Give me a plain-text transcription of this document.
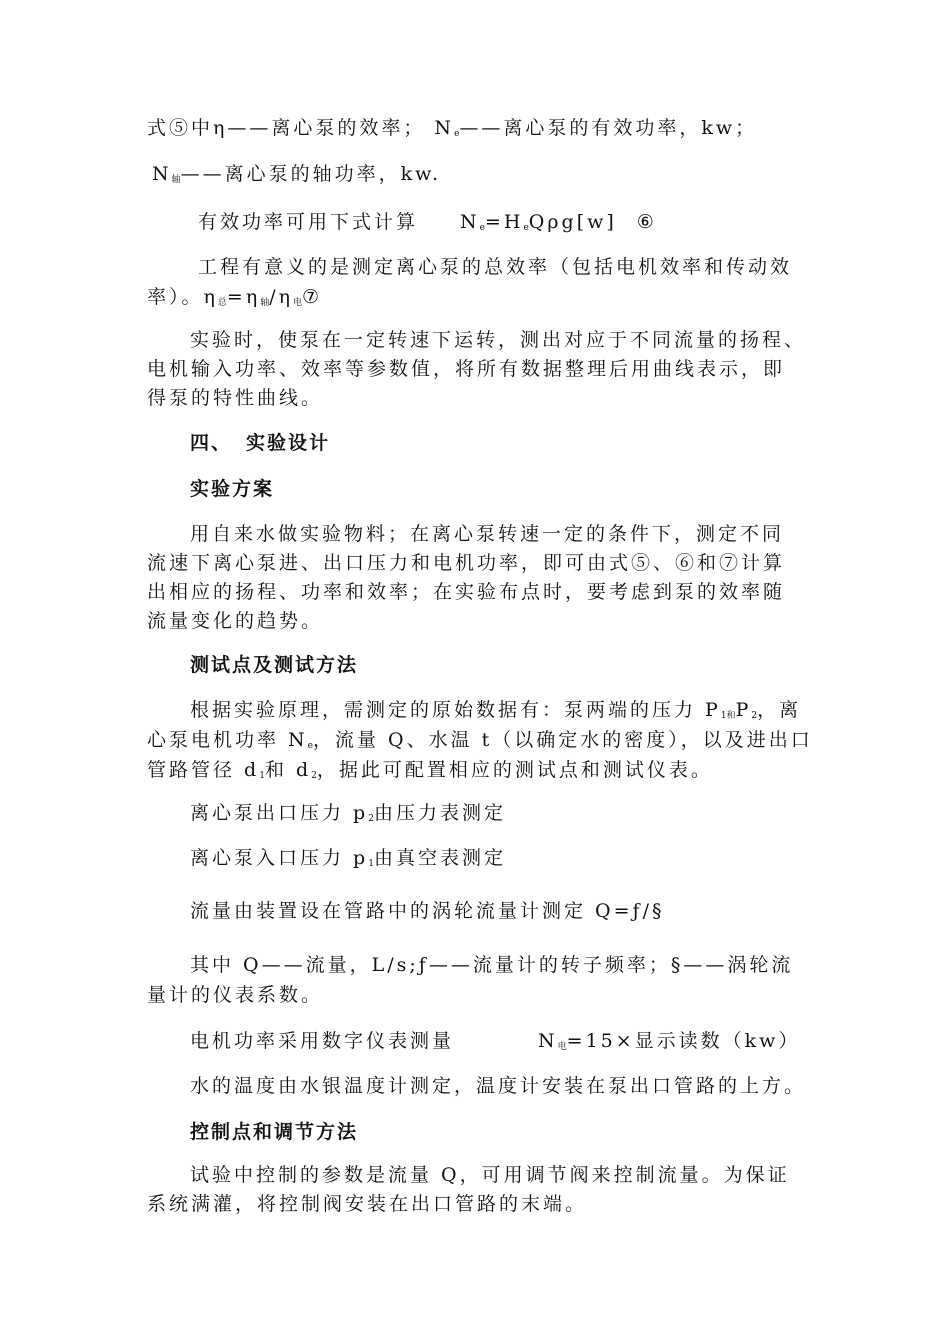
式⑤中η——离心泵的效率； $N_e——$离心泵的有效功率，kw；
$N_轴——$离心泵的轴功率，kw.
有效功率可用下式计算 $N_e=H_eQ\rho g[w]$ ⑥
工程有意义的是测定离心泵的总效率（包括电机效率和传动效
率）。$\eta_总=\eta_轴/\eta_电⑦$
实验时，使泵在一定转速下运转，测出对应于不同流量的扬程、
电机输入功率、效率等参数值，将所有数据整理后用曲线表示，即
得泵的特性曲线。
四、 实验设计
实验方案
用自来水做实验物料；在离心泵转速一定的条件下，测定不同
流速下离心泵进、出口压力和电机功率，即可由式⑤、⑥和⑦计算
出相应的扬程、功率和效率；在实验布点时，要考虑到泵的效率随
流量变化的趋势。
测试点及测试方法
根据实验原理，需测定的原始数据有：泵两端的压力 $P_{1和}P_2$，离
心泵电机功率 $N_e$，流量 Q、水温 t（以确定水的密度），以及进出口
管路管径 $d_1$和 $d_2$，据此可配置相应的测试点和测试仪表。
离心泵出口压力 $p_2$由压力表测定
离心泵入口压力 $p_1$由真空表测定
流量由装置设在管路中的涡轮流量计测定 Q=ƒ/§
其中 Q——流量，L/s;ƒ——流量计的转子频率；§——涡轮流
量计的仪表系数。
电机功率采用数字仪表测量	$N_电=15\times$显示读数（kw）
水的温度由水银温度计测定，温度计安装在泵出口管路的上方。
控制点和调节方法
试验中控制的参数是流量 Q，可用调节阀来控制流量。为保证
系统满灌，将控制阀安装在出口管路的末端。
